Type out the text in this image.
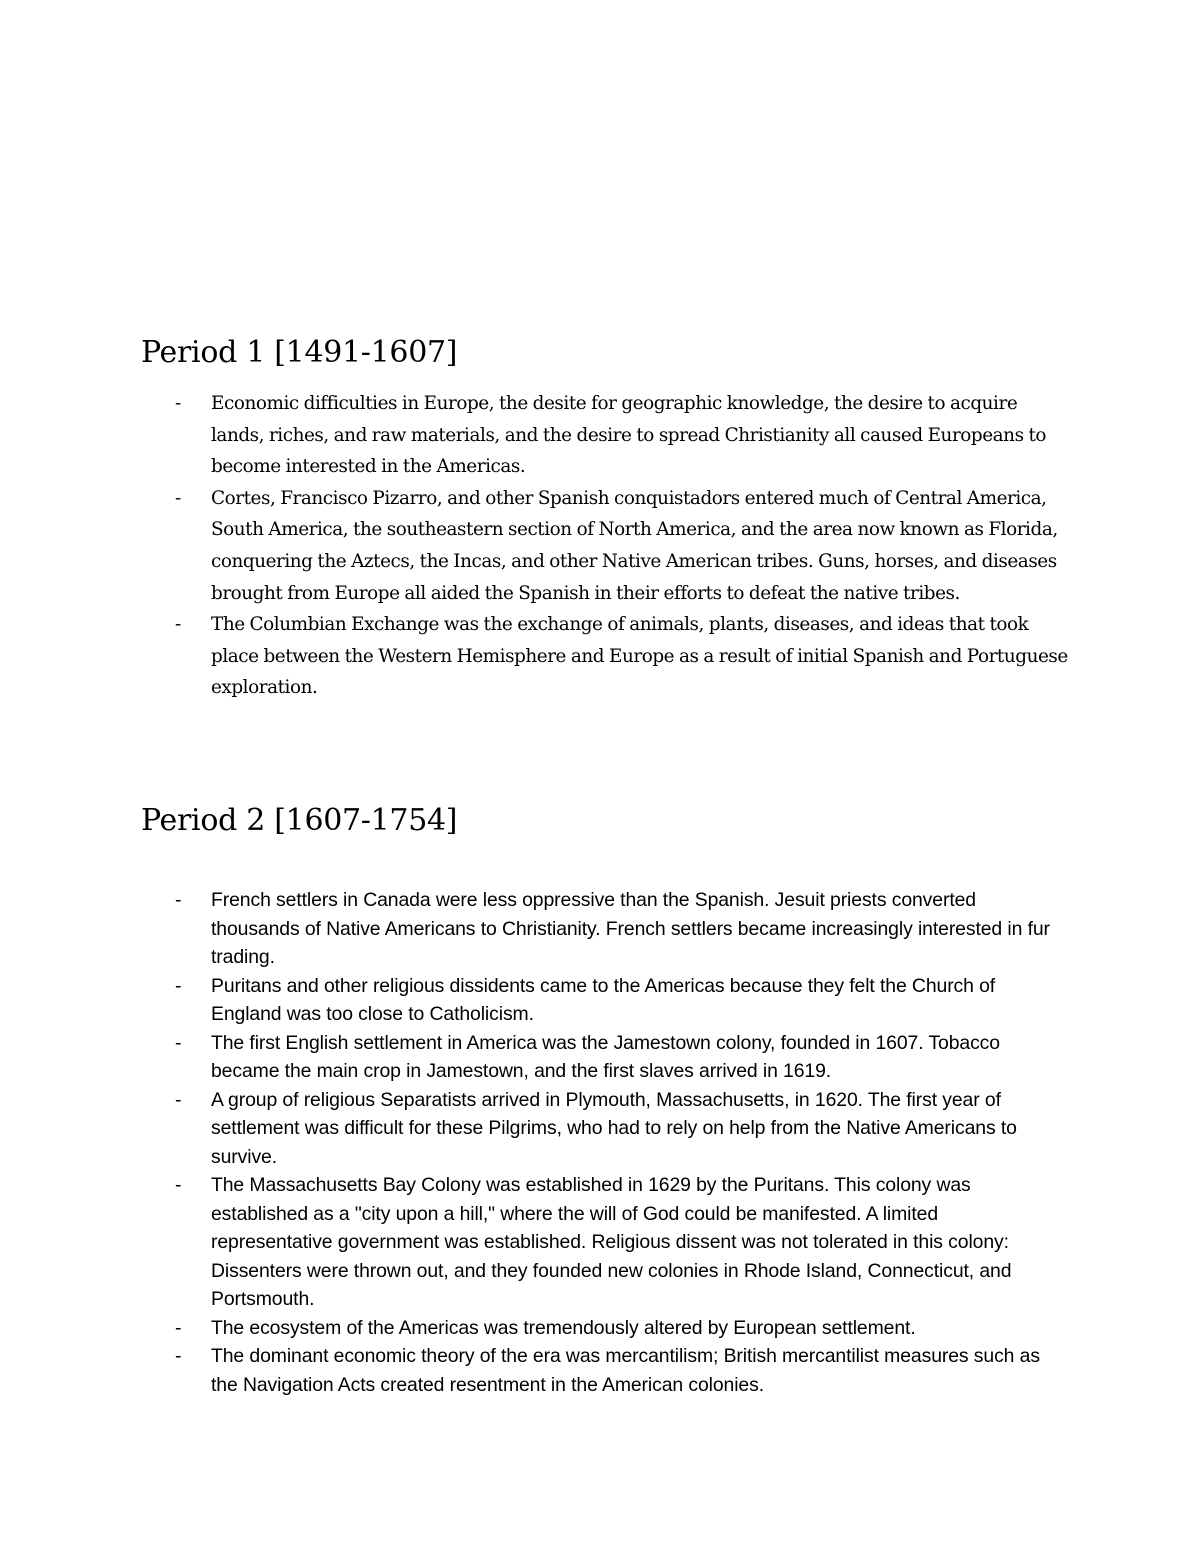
Period 1 [1491-1607]
- Economic difficulties in Europe, the desite for geographic knowledge, the desire to acquire lands, riches, and raw materials, and the desire to spread Christianity all caused Europeans to become interested in the Americas.
- Cortes, Francisco Pizarro, and other Spanish conquistadors entered much of Central America, South America, the southeastern section of North America, and the area now known as Florida, conquering the Aztecs, the Incas, and other Native American tribes. Guns, horses, and diseases brought from Europe all aided the Spanish in their efforts to defeat the native tribes.
- The Columbian Exchange was the exchange of animals, plants, diseases, and ideas that took place between the Western Hemisphere and Europe as a result of initial Spanish and Portuguese exploration.
Period 2 [1607-1754]
- French settlers in Canada were less oppressive than the Spanish. Jesuit priests converted thousands of Native Americans to Christianity. French settlers became increasingly interested in fur trading.
- Puritans and other religious dissidents came to the Americas because they felt the Church of England was too close to Catholicism.
- The first English settlement in America was the Jamestown colony, founded in 1607. Tobacco became the main crop in Jamestown, and the first slaves arrived in 1619.
- A group of religious Separatists arrived in Plymouth, Massachusetts, in 1620. The first year of settlement was difficult for these Pilgrims, who had to rely on help from the Native Americans to survive.
- The Massachusetts Bay Colony was established in 1629 by the Puritans. This colony was established as a "city upon a hill," where the will of God could be manifested. A limited representative government was established. Religious dissent was not tolerated in this colony: Dissenters were thrown out, and they founded new colonies in Rhode Island, Connecticut, and Portsmouth.
- The ecosystem of the Americas was tremendously altered by European settlement.
- The dominant economic theory of the era was mercantilism; British mercantilist measures such as the Navigation Acts created resentment in the American colonies.
